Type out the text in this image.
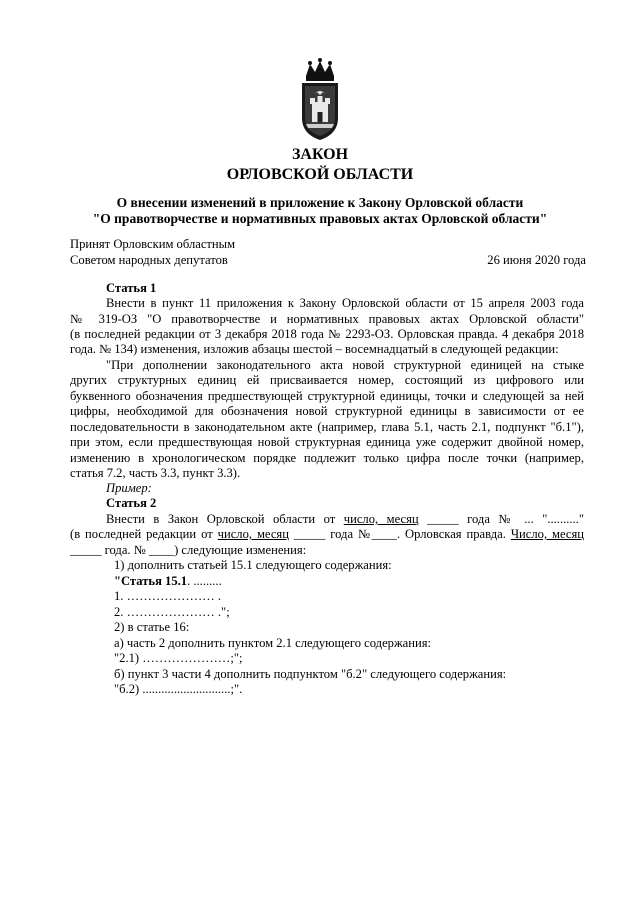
ЗАКОН
ОРЛОВСКОЙ ОБЛАСТИ
О внесении изменений в приложение к Закону Орловской области
"О правотворчестве и нормативных правовых актах Орловской области"
Принят Орловским областным
Советом народных депутатов	26 июня 2020 года
Статья 1
Внести в пункт 11 приложения к Закону Орловской области от 15 апреля 2003 года
№ 319-ОЗ "О правотворчестве и нормативных правовых актах Орловской области"
(в последней редакции от 3 декабря 2018 года № 2293-ОЗ. Орловская правда. 4 декабря 2018
года. № 134) изменения, изложив абзацы шестой – восемнадцатый в следующей редакции:
"При дополнении законодательного акта новой структурной единицей на стыке
других структурных единиц ей присваивается номер, состоящий из цифрового или
буквенного обозначения предшествующей структурной единицы, точки и следующей за ней
цифры, необходимой для обозначения новой структурной единицы в зависимости от ее
последовательности в законодательном акте (например, глава 5.1, часть 2.1, подпункт "б.1"),
при этом, если предшествующая новой структурная единица уже содержит двойной номер,
изменению в хронологическом порядке подлежит только цифра после точки (например,
статья 7.2, часть 3.3, пункт 3.3).
Пример:
Статья 2
Внести в Закон Орловской области от число, месяц _____ года № ... ".........."
(в последней редакции от число, месяц _____ года №____. Орловская правда. Число, месяц
_____ года. № ____) следующие изменения:
1) дополнить статьей 15.1 следующего содержания:
"Статья 15.1. .........
1. ………………… .
2. ………………… .";
2) в статье 16:
а) часть 2 дополнить пунктом 2.1 следующего содержания:
"2.1) …………………;";
б) пункт 3 части 4 дополнить подпунктом "б.2" следующего содержания:
"б.2) ............................;".
